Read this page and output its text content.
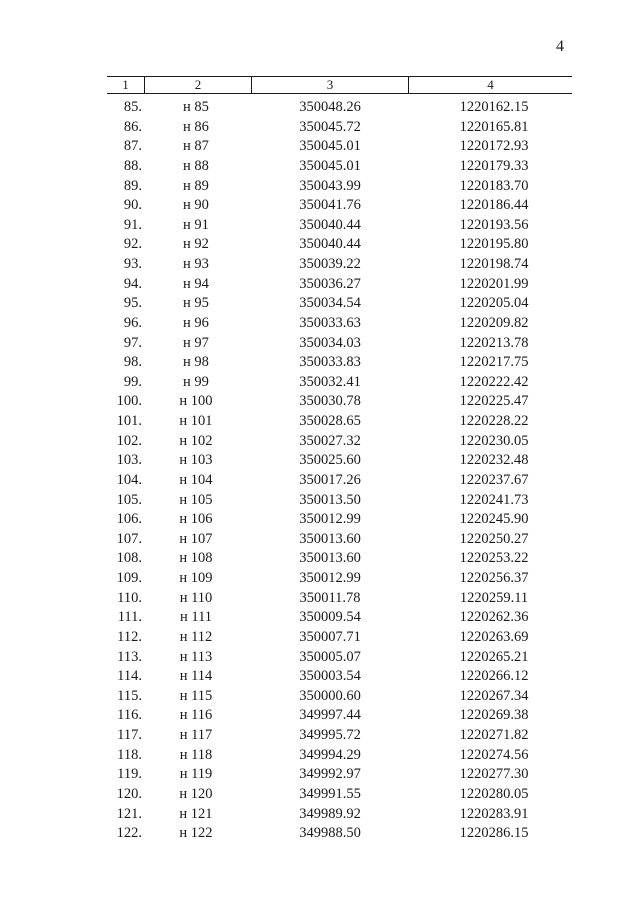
4
1	2	3	4
85.	н 85	350048.26	1220162.15
86.	н 86	350045.72	1220165.81
87.	н 87	350045.01	1220172.93
88.	н 88	350045.01	1220179.33
89.	н 89	350043.99	1220183.70
90.	н 90	350041.76	1220186.44
91.	н 91	350040.44	1220193.56
92.	н 92	350040.44	1220195.80
93.	н 93	350039.22	1220198.74
94.	н 94	350036.27	1220201.99
95.	н 95	350034.54	1220205.04
96.	н 96	350033.63	1220209.82
97.	н 97	350034.03	1220213.78
98.	н 98	350033.83	1220217.75
99.	н 99	350032.41	1220222.42
100.	н 100	350030.78	1220225.47
101.	н 101	350028.65	1220228.22
102.	н 102	350027.32	1220230.05
103.	н 103	350025.60	1220232.48
104.	н 104	350017.26	1220237.67
105.	н 105	350013.50	1220241.73
106.	н 106	350012.99	1220245.90
107.	н 107	350013.60	1220250.27
108.	н 108	350013.60	1220253.22
109.	н 109	350012.99	1220256.37
110.	н 110	350011.78	1220259.11
111.	н 111	350009.54	1220262.36
112.	н 112	350007.71	1220263.69
113.	н 113	350005.07	1220265.21
114.	н 114	350003.54	1220266.12
115.	н 115	350000.60	1220267.34
116.	н 116	349997.44	1220269.38
117.	н 117	349995.72	1220271.82
118.	н 118	349994.29	1220274.56
119.	н 119	349992.97	1220277.30
120.	н 120	349991.55	1220280.05
121.	н 121	349989.92	1220283.91
122.	н 122	349988.50	1220286.15
